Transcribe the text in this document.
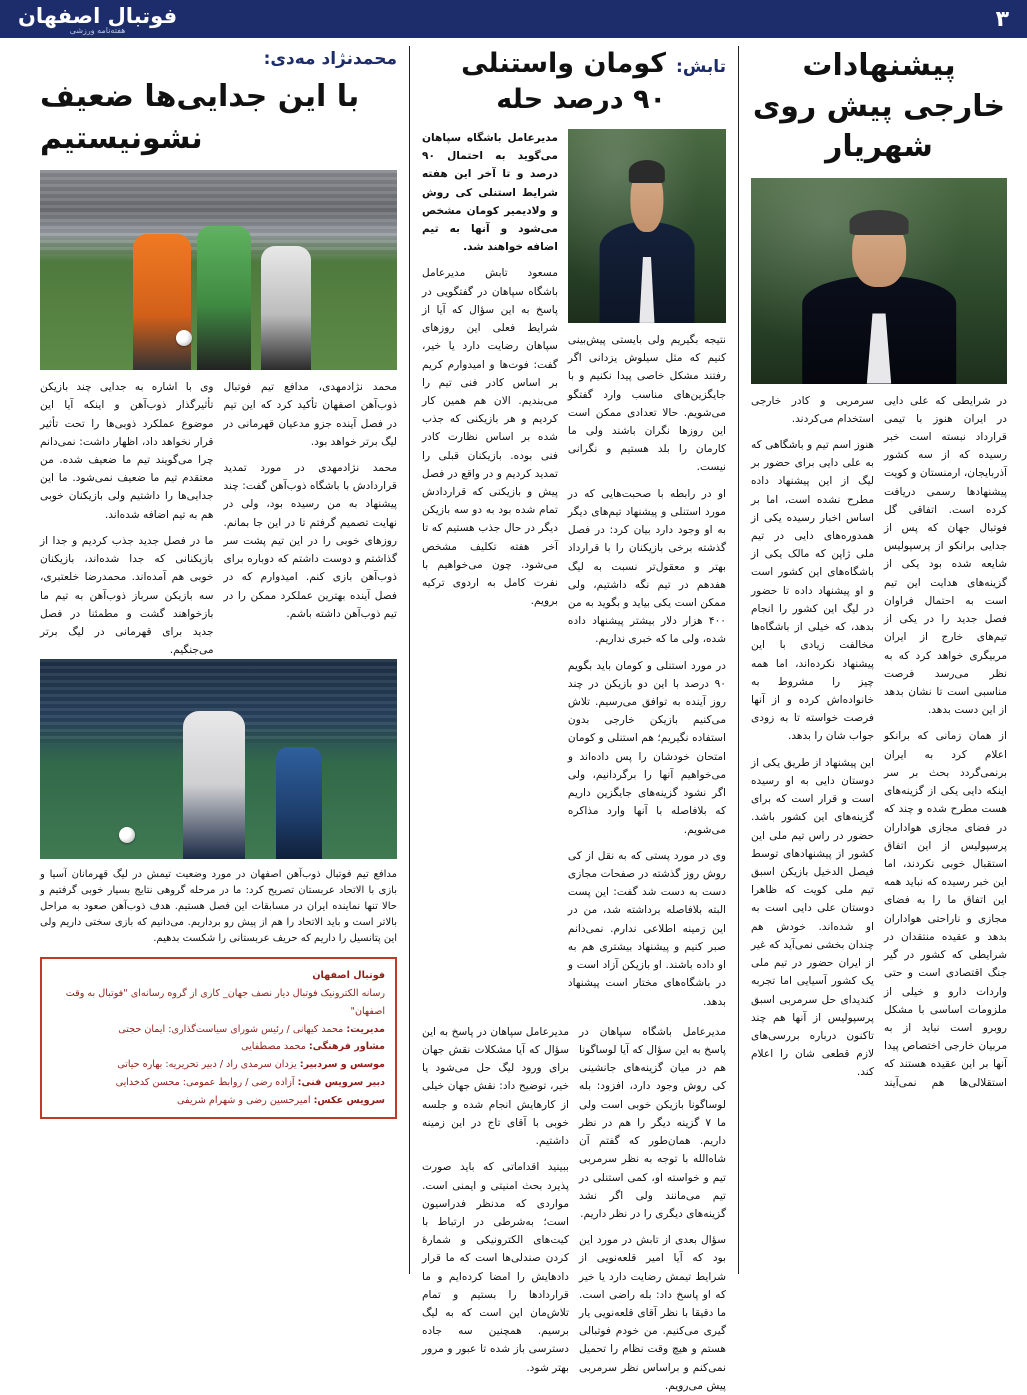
۳
فوتبال اصفهان
هفته‌نامه ورزشی
پیشنهادات خارجی پیش روی شهریار

در شرایطی که علی دایی در ایران هنوز با تیمی قرارداد نبسته است خبر رسیده که از سه کشور آذربایجان، ارمنستان و کویت پیشنهادها رسمی دریافت کرده است. اتفاقی گل فوتبال جهان که پس از جدایی برانکو از پرسپولیس شایعه شده بود یکی از گزینه‌های هدایت این تیم است به احتمال فراوان فصل جدید را در یکی از تیم‌های خارج از ایران مربیگری خواهد کرد که به نظر می‌رسد فرصت مناسبی است تا نشان بدهد از این دست بدهد.

از همان زمانی که برانکو اعلام کرد به ایران برنمی‌گردد بحث بر سر اینکه دایی یکی از گزینه‌های هست مطرح شده و چند که در فضای مجازی هواداران پرسپولیس از این اتفاق استقبال خوبی نکردند، اما این خبر رسیده که نباید همه این اتفاق ما را به فضای مجازی و ناراحتی هواداران بدهد و عقیده منتقدان در شرایطی که کشور در گیر جنگ اقتصادی است و حتی واردات دارو و خیلی از ملزومات اساسی با مشکل روبرو است نباید از به مربیان خارجی اختصاص پیدا آنها بر این عقیده هستند که استقلالی‌ها هم نمی‌آیند سرمربی و کادر خارجی استخدام می‌کردند.

هنوز اسم تیم و باشگاهی که به علی دایی برای حضور بر لیگ از این پیشنهاد داده مطرح نشده است، اما بر اساس اخبار رسیده یکی از همدوره‌های دایی در تیم ملی ژاپن که مالک یکی از باشگاه‌های این کشور است و او پیشنهاد داده تا حضور در لیگ این کشور را انجام بدهد، که خیلی از باشگاه‌ها مخالفت زیادی با این پیشنهاد نکرده‌اند، اما همه چیز را مشروط به خانواده‌اش کرده و از آنها فرصت خواسته تا به زودی جواب شان را بدهد.

این پیشنهاد از طریق یکی از دوستان دایی به او رسیده است و قرار است که برای گزینه‌های این کشور باشد. حضور در راس تیم ملی این کشور از پیشنهادهای توسط فیصل الدخیل بازیکن اسبق تیم ملی کویت که ظاهرا دوستان علی دایی است به او شده‌اند. خودش هم چندان بخشی نمی‌آید که غیر از ایران حضور در تیم ملی یک کشور آسیایی اما تجربه کندیدای حل سرمربی اسبق پرسپولیس از آنها هم چند تاکنون درباره بررسی‌های لازم قطعی شان را اعلام کند.

تابش:
کومان واستنلی ۹۰ درصد حله

نتیجه بگیریم ولی بایستی پیش‌بینی کنیم که مثل سیلوش یزدانی اگر رفتند مشکل خاصی پیدا نکنیم و با جایگزین‌های مناسب وارد گفتگو می‌شویم. حالا تعدادی ممکن است این روزها نگران باشند ولی ما کارمان را بلد هستیم و نگرانی نیست.

او در رابطه با صحبت‌هایی که در مورد استنلی و پیشنهاد تیم‌های دیگر به او وجود دارد بیان کرد: در فصل گذشته برخی بازیکنان را با قرارداد بهتر و معقول‌تر نسبت به لیگ هفدهم در تیم نگه داشتیم، ولی ممکن است یکی بیاید و بگوید به من ۴۰۰ هزار دلار بیشتر پیشنهاد داده شده، ولی ما که خبری نداریم.

در مورد استنلی و کومان باید بگویم ۹۰ درصد با این دو بازیکن در چند روز آینده به توافق می‌رسیم. تلاش می‌کنیم بازیکن خارجی بدون استفاده نگیریم؛ هم استنلی و کومان امتحان خودشان را پس داده‌اند و می‌خواهیم آنها را برگردانیم، ولی اگر نشود گزینه‌های جایگزین داریم که بلافاصله با آنها وارد مذاکره می‌شویم.

وی در مورد پستی که به نقل از کی روش روز گذشته در صفحات مجازی دست به دست شد گفت: این پست البته بلافاصله برداشته شد، من در این زمینه اطلاعی ندارم. نمی‌دانم صبر کنیم و پیشنهاد بیشتری هم به او داده باشند. او بازیکن آزاد است و در باشگاه‌های مختار است پیشنهاد بدهد.

مدیرعامل باشگاه سپاهان می‌گوید به احتمال ۹۰ درصد و تا آخر این هفته شرایط استنلی کی روش و ولادیمیر کومان مشخص می‌شود و آنها به تیم اضافه خواهند شد.

مسعود تابش مدیرعامل باشگاه سپاهان در گفتگویی در پاسخ به این سؤال که آیا از شرایط فعلی این روزهای سپاهان رضایت دارد یا خیر، گفت: فوت‌ها و امیدوارم کریم بر اساس کادر فنی تیم را می‌بندیم. الان هم همین کار کردیم و هر بازیکنی که جذب شده بر اساس نظارت کادر فنی بوده. بازیکنان قبلی را تمدید کردیم و در واقع در فصل پیش و بازیکنی که قراردادش تمام شده بود به دو سه بازیکن دیگر در حال جذب هستیم که تا آخر هفته تکلیف مشخص می‌شود. چون می‌خواهیم با نفرت کامل به اردوی ترکیه برویم.

مدیرعامل باشگاه سپاهان در پاسخ به این سؤال که آیا لوساگونا هم در میان گزینه‌های جانشینی کی روش وجود دارد، افزود: بله لوساگونا بازیکن خوبی است ولی ما ۷ گزینه دیگر را هم در نظر داریم. همان‌طور که گفتم آن شاه‌الله با توجه به نظر سرمربی تیم و خواسته او، کمی استنلی در تیم می‌مانند ولی اگر نشد گزینه‌های دیگری را در نظر داریم.

سؤال بعدی از تابش در مورد این بود که آیا امیر قلعه‌نویی از شرایط تیمش رضایت دارد یا خیر که او پاسخ داد: بله راضی است. ما دقیقا با نظر آقای قلعه‌نویی یار گیری می‌کنیم. من خودم فوتبالی هستم و هیچ وقت نظام را تحمیل نمی‌کنم و براساس نظر سرمربی پیش می‌رویم.

مدیرعامل سپاهان در پاسخ به این سؤال که آیا مشکلات نقش جهان برای ورود لیگ حل می‌شود یا خیر، توضیح داد: نقش جهان خیلی از کارهایش انجام شده و جلسه خوبی با آقای تاج در این زمینه داشتیم.

ببینید اقداماتی که باید صورت پذیرد بحث امنیتی و ایمنی است. مواردی که مدنظر فدراسیون است؛ به‌شرطی در ارتباط با کیت‌های الکترونیکی و شمارهٔ کردن صندلی‌ها است که ما قرار دادهایش را امضا کرده‌ایم و ما قراردادها را بستیم و تمام تلاش‌مان این است که به لیگ برسیم. همچنین سه جاده دسترسی باز شده تا عبور و مرور بهتر شود.

محمدنژاد مه‌دی:
با این جدایی‌ها ضعیف نشونیستیم

محمد نژادمهدی، مدافع تیم فوتبال ذوب‌آهن اصفهان تأکید کرد که این تیم در فصل آینده جزو مدعیان قهرمانی در لیگ برتر خواهد بود.

محمد نژادمهدی در مورد تمدید قراردادش با باشگاه ذوب‌آهن گفت: چند پیشنهاد به من رسیده بود، ولی در نهایت تصمیم گرفتم تا در این جا بمانم. روزهای خوبی را در این تیم پشت سر گذاشتم و دوست داشتم که دوباره برای ذوب‌آهن بازی کنم. امیدوارم که در فصل آینده بهترین عملکرد ممکن را در تیم ذوب‌آهن داشته باشم.

وی با اشاره به جدایی چند بازیکن تأثیرگذار ذوب‌آهن و اینکه آیا این موضوع عملکرد ذوبی‌ها را تحت تأثیر قرار نخواهد داد، اظهار داشت: نمی‌دانم چرا می‌گویند تیم ما ضعیف شده. من معتقدم تیم ما ضعیف نمی‌شود. ما این جدایی‌ها را داشتیم ولی بازیکنان خوبی هم به تیم اضافه شده‌اند.

ما در فصل جدید جذب کردیم و جدا از بازیکنانی که جدا شده‌اند، بازیکنان خوبی هم آمده‌اند. محمدرضا خلعتبری، سه بازیکن سرباز ذوب‌آهن به تیم ما بازخواهند گشت و مطمئنا در فصل جدید برای قهرمانی در لیگ برتر می‌جنگیم.

مدافع تیم فوتبال ذوب‌آهن اصفهان در مورد وضعیت تیمش در لیگ قهرمانان آسیا و بازی با الاتحاد عربستان تصریح کرد: ما در مرحله گروهی نتایج بسیار خوبی گرفتیم و حالا تنها نماینده ایران در مسابقات این فصل هستیم. هدف ذوب‌آهن صعود به مراحل بالاتر است و باید الاتحاد را هم از پیش رو برداریم. می‌دانیم که بازی سختی داریم ولی این پتانسیل را داریم که حریف عربستانی را شکست بدهیم.
فوتبال اصفهان
رسانه الکترونیک فوتبال دیار نصف جهان_ کاری از گروه رسانه‌ای "فوتبال به وقت اصفهان"
مدیریت: محمد کیهانی / رئیس شورای سیاست‌گذاری: ایمان حجتی
مشاور فرهنگی: محمد مصطفایی
موسس و سردبیر: یزدان سرمدی راد / دبیر تحریریه: بهاره حیاتی
دبیر سرویس فنی: آزاده رضی / روابط عمومی: محسن کدخدایی
سرویس عکس: امیرحسین رضی و شهرام شریفی
